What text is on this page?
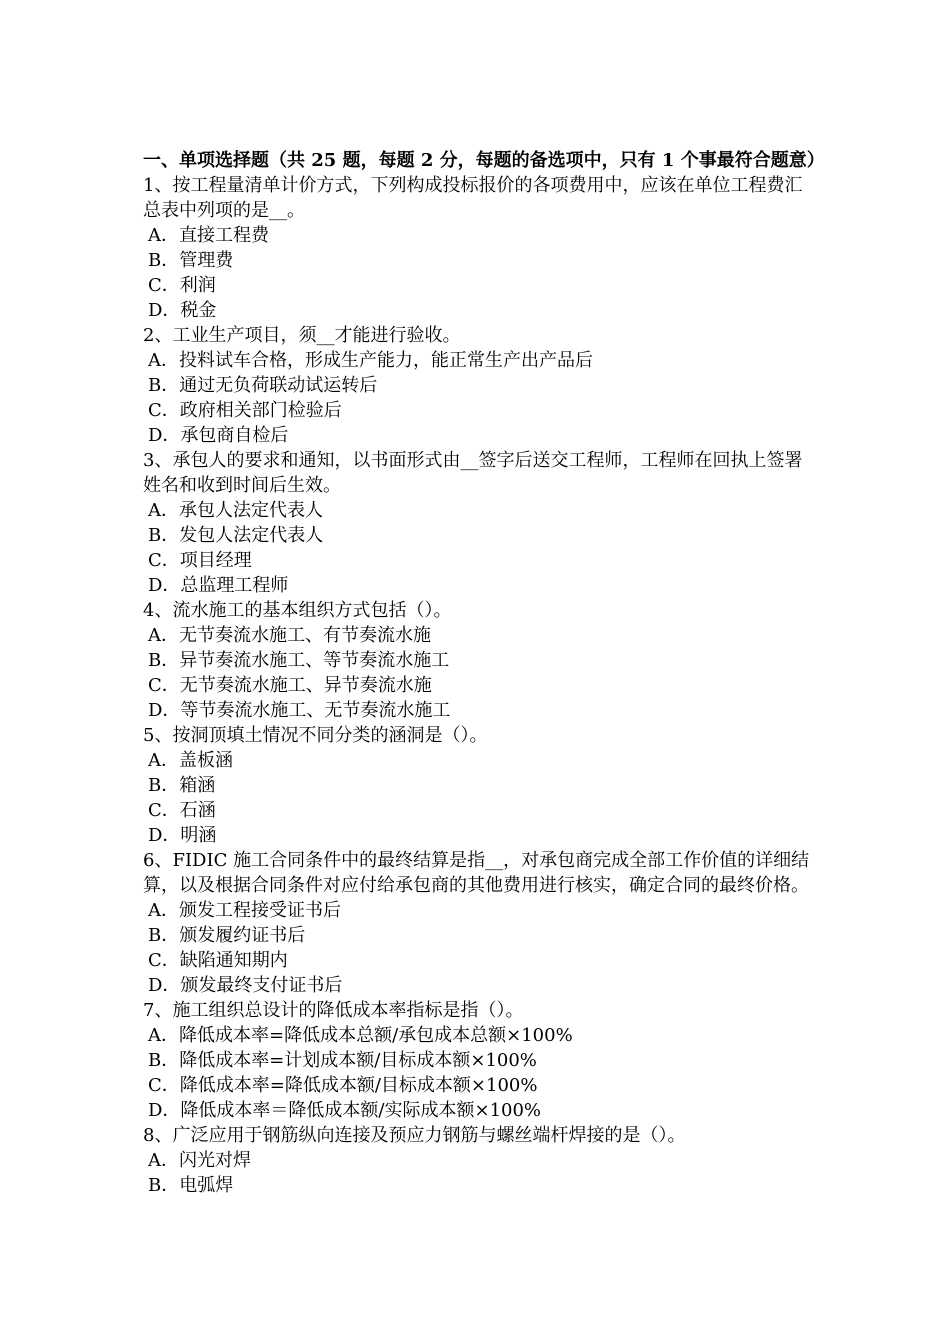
一、单项选择题（共 25 题，每题 2 分，每题的备选项中，只有 1 个事最符合题意）
1、按工程量清单计价方式，下列构成投标报价的各项费用中，应该在单位工程费汇总表中列项的是__。
A．直接工程费
B．管理费
C．利润
D．税金
2、工业生产项目，须__才能进行验收。
A．投料试车合格，形成生产能力，能正常生产出产品后
B．通过无负荷联动试运转后
C．政府相关部门检验后
D．承包商自检后
3、承包人的要求和通知，以书面形式由__签字后送交工程师，工程师在回执上签署姓名和收到时间后生效。
A．承包人法定代表人
B．发包人法定代表人
C．项目经理
D．总监理工程师
4、流水施工的基本组织方式包括（）。
A．无节奏流水施工、有节奏流水施
B．异节奏流水施工、等节奏流水施工
C．无节奏流水施工、异节奏流水施
D．等节奏流水施工、无节奏流水施工
5、按洞顶填土情况不同分类的涵洞是（）。
A．盖板涵
B．箱涵
C．石涵
D．明涵
6、FIDIC 施工合同条件中的最终结算是指__，对承包商完成全部工作价值的详细结算，以及根据合同条件对应付给承包商的其他费用进行核实，确定合同的最终价格。
A．颁发工程接受证书后
B．颁发履约证书后
C．缺陷通知期内
D．颁发最终支付证书后
7、施工组织总设计的降低成本率指标是指（）。
A．降低成本率=降低成本总额/承包成本总额×100%
B．降低成本率=计划成本额/目标成本额×100%
C．降低成本率=降低成本额/目标成本额×100%
D．降低成本率＝降低成本额/实际成本额×100%
8、广泛应用于钢筋纵向连接及预应力钢筋与螺丝端杆焊接的是（）。
A．闪光对焊
B．电弧焊
